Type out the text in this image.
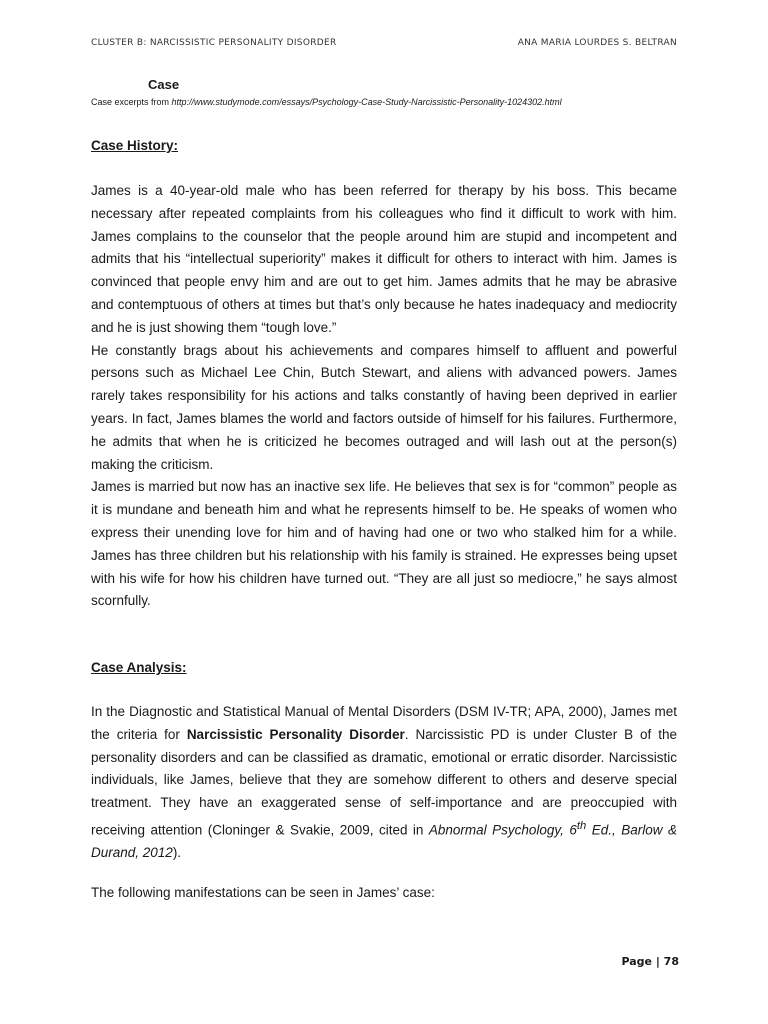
CLUSTER B: NARCISSISTIC PERSONALITY DISORDER	ANA MARIA LOURDES S. BELTRAN
Case
Case excerpts from http://www.studymode.com/essays/Psychology-Case-Study-Narcissistic-Personality-1024302.html
Case History:

James is a 40-year-old male who has been referred for therapy by his boss. This became necessary after repeated complaints from his colleagues who find it difficult to work with him. James complains to the counselor that the people around him are stupid and incompetent and admits that his “intellectual superiority” makes it difficult for others to interact with him. James is convinced that people envy him and are out to get him. James admits that he may be abrasive and contemptuous of others at times but that’s only because he hates inadequacy and mediocrity and he is just showing them “tough love.”

He constantly brags about his achievements and compares himself to affluent and powerful persons such as Michael Lee Chin, Butch Stewart, and aliens with advanced powers. James rarely takes responsibility for his actions and talks constantly of having been deprived in earlier years. In fact, James blames the world and factors outside of himself for his failures. Furthermore, he admits that when he is criticized he becomes outraged and will lash out at the person(s) making the criticism.

James is married but now has an inactive sex life. He believes that sex is for “common” people as it is mundane and beneath him and what he represents himself to be. He speaks of women who express their unending love for him and of having had one or two who stalked him for a while. James has three children but his relationship with his family is strained. He expresses being upset with his wife for how his children have turned out. “They are all just so mediocre,” he says almost scornfully.

Case Analysis:

In the Diagnostic and Statistical Manual of Mental Disorders (DSM IV-TR; APA, 2000), James met the criteria for Narcissistic Personality Disorder. Narcissistic PD is under Cluster B of the personality disorders and can be classified as dramatic, emotional or erratic disorder. Narcissistic individuals, like James, believe that they are somehow different to others and deserve special treatment. They have an exaggerated sense of self-importance and are preoccupied with receiving attention (Cloninger & Svakie, 2009, cited in Abnormal Psychology, 6th Ed., Barlow & Durand, 2012).

The following manifestations can be seen in James’ case:

Page | 78
